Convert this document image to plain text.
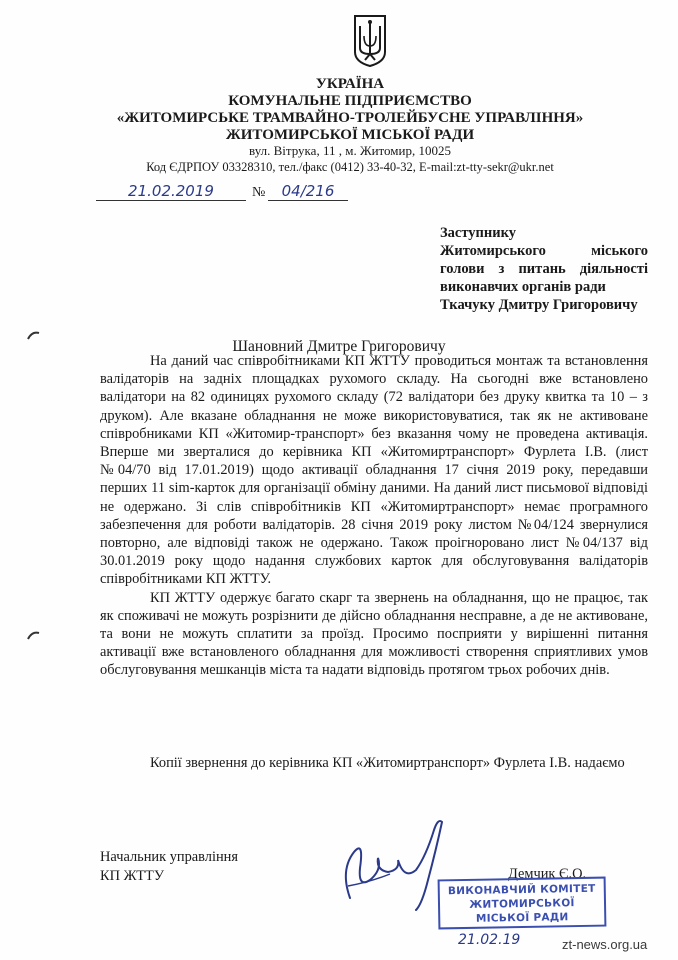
УКРАЇНА
КОМУНАЛЬНЕ ПІДПРИЄМСТВО
«ЖИТОМИРСЬКЕ ТРАМВАЙНО-ТРОЛЕЙБУСНЕ УПРАВЛІННЯ»
ЖИТОМИРСЬКОЇ МІСЬКОЇ РАДИ
вул. Вітрука, 11 , м. Житомир, 10025
Код ЄДРПОУ 03328310, тел./факс (0412) 33-40-32, E-mail:zt-tty-sekr@ukr.net
21.02.2019	№	04/216
Заступнику
Житомирського міського
голови з питань діяльності
виконавчих органів ради
Ткачуку Дмитру Григоровичу
Шановний Дмитре Григоровичу

На даний час співробітниками КП ЖТТУ проводиться монтаж та встановлення валідаторів на задніх площадках рухомого складу. На сьогодні вже встановлено валідатори на 82 одиницях рухомого складу (72 валідатори без друку квитка та 10 – з друком). Але вказане обладнання не може використовуватися, так як не активоване співробниками КП «Житомир-транспорт» без вказання чому не проведена активація. Вперше ми зверталися до керівника КП «Житомиртранспорт» Фурлета І.В. (лист №04/70 від 17.01.2019) щодо активації обладнання 17 січня 2019 року, передавши перших 11 sim-карток для організації обміну даними. На даний лист письмової відповіді не одержано. Зі слів співробітників КП «Житомиртранспорт» немає програмного забезпечення для роботи валідаторів. 28 січня 2019 року листом №04/124 звернулися повторно, але відповіді також не одержано. Також проігноровано лист №04/137 від 30.01.2019 року щодо надання службових карток для обслуговування валідаторів співробітниками КП ЖТТУ.

КП ЖТТУ одержує багато скарг та звернень на обладнання, що не працює, так як споживачі не можуть розрізнити де дійсно обладнання несправне, а де не активоване, та вони не можуть сплатити за проїзд. Просимо посприяти у вирішенні питання активації вже встановленого обладнання для можливості створення сприятливих умов обслуговування мешканців міста та надати відповідь протягом трьох робочих днів.

Копії звернення до керівника КП «Житомиртранспорт» Фурлета І.В. надаємо

Начальник управління
КП ЖТТУ	Демчик Є.О.
ВИКОНАВЧИЙ КОМІТЕТ
ЖИТОМИРСЬКОЇ
МІСЬКОЇ РАДИ
21.02.19	zt-news.org.ua
